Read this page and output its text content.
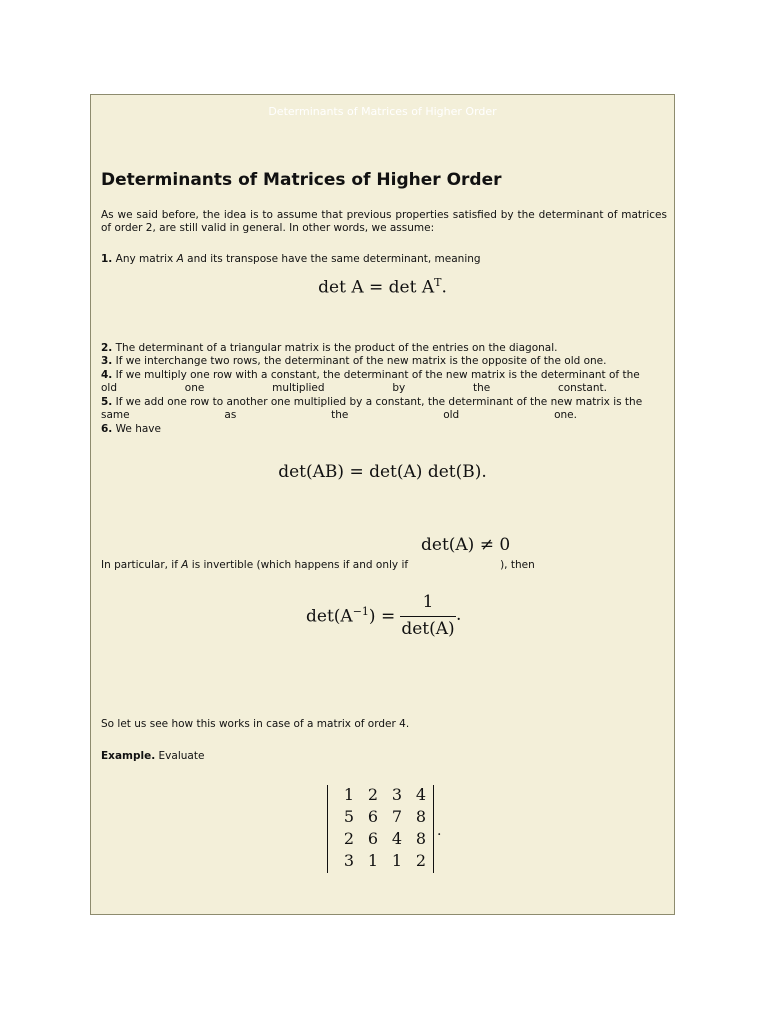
Determinants of Matrices of Higher Order
Determinants of Matrices of Higher Order
As we said before, the idea is to assume that previous properties satisfied by the determinant of matrices of order 2, are still valid in general. In other words, we assume:
1. Any matrix A and its transpose have the same determinant, meaning
$\det A = \det A^T$.
2. The determinant of a triangular matrix is the product of the entries on the diagonal.
3. If we interchange two rows, the determinant of the new matrix is the opposite of the old one.
4. If we multiply one row with a constant, the determinant of the new matrix is the determinant of the
old	one	multiplied	by	the	constant.
5. If we add one row to another one multiplied by a constant, the determinant of the new matrix is the
same	as	the	old	one.
6. We have
det(AB) = det(A) det(B).
det(A) ≠ 0
In particular, if A is invertible (which happens if and only if	), then
$\det(A^{-1})$ =
1
det(A)
.
So let us see how this works in case of a matrix of order 4.
Example. Evaluate
1 2 3 4
5 6 7 8
2 6 4 8
3 1 1 2
.
